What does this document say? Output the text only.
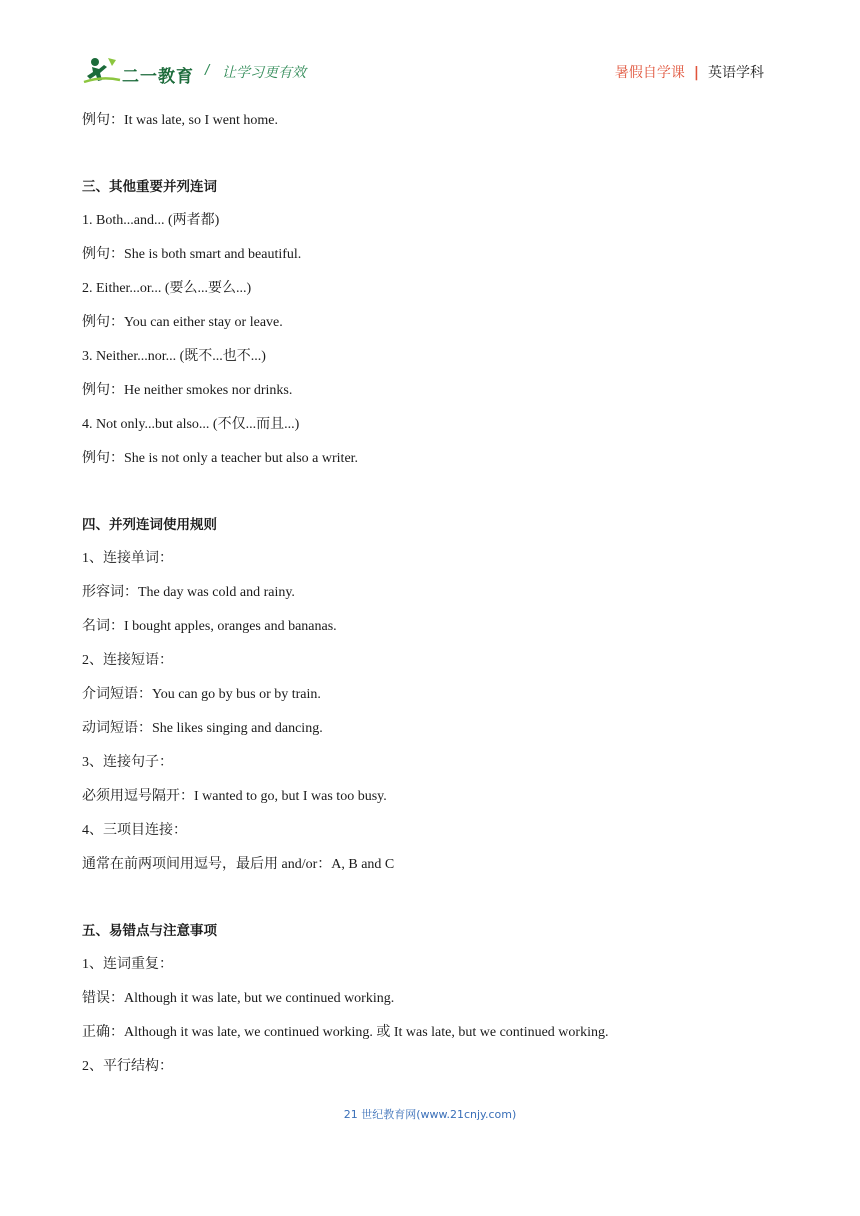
二一教育 / 让学习更有效	暑假自学课 | 英语学科
例句：It was late, so I went home.
三、其他重要并列连词
1. Both...and... (两者都)
例句：She is both smart and beautiful.
2. Either...or... (要么...要么...)
例句：You can either stay or leave.
3. Neither...nor... (既不...也不...)
例句：He neither smokes nor drinks.
4. Not only...but also... (不仅...而且...)
例句：She is not only a teacher but also a writer.
四、并列连词使用规则
1、连接单词：
形容词：The day was cold and rainy.
名词：I bought apples, oranges and bananas.
2、连接短语：
介词短语：You can go by bus or by train.
动词短语：She likes singing and dancing.
3、连接句子：
必须用逗号隔开：I wanted to go, but I was too busy.
4、三项目连接：
通常在前两项间用逗号，最后用 and/or：A, B and C
五、易错点与注意事项
1、连词重复：
错误：Although it was late, but we continued working.
正确：Although it was late, we continued working. 或 It was late, but we continued working.
2、平行结构：
21 世纪教育网(www.21cnjy.com)
